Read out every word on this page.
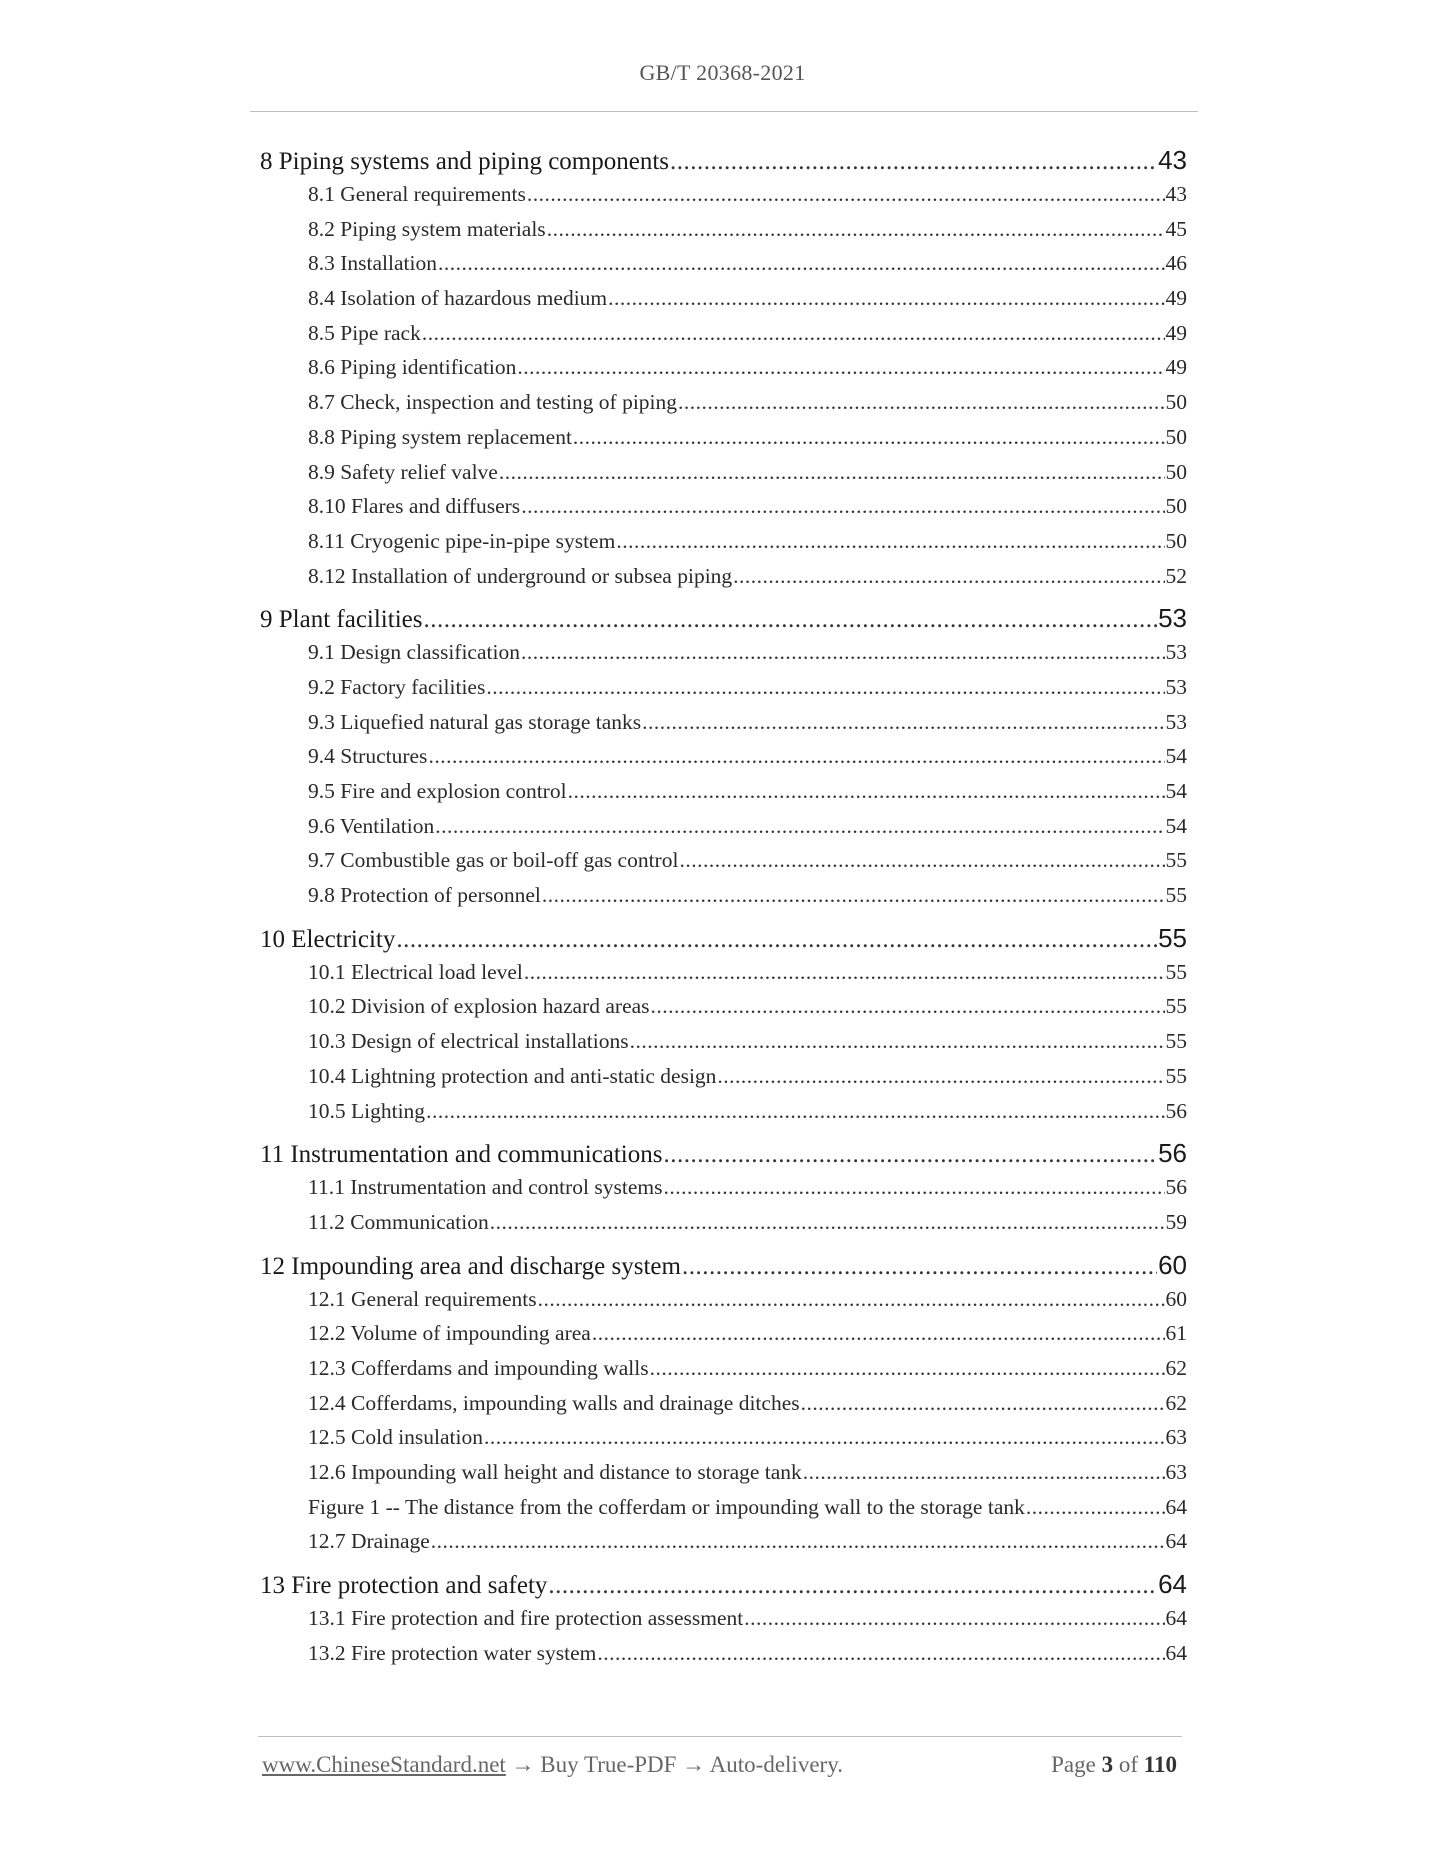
GB/T 20368-2021
8 Piping systems and piping components .....	43
8.1 General requirements .....	43
8.2 Piping system materials .....	45
8.3 Installation .....	46
8.4 Isolation of hazardous medium .....	49
8.5 Pipe rack .....	49
8.6 Piping identification .....	49
8.7 Check, inspection and testing of piping .....	50
8.8 Piping system replacement .....	50
8.9 Safety relief valve .....	50
8.10 Flares and diffusers .....	50
8.11 Cryogenic pipe-in-pipe system .....	50
8.12 Installation of underground or subsea piping .....	52
9 Plant facilities .....	53
9.1 Design classification .....	53
9.2 Factory facilities .....	53
9.3 Liquefied natural gas storage tanks .....	53
9.4 Structures .....	54
9.5 Fire and explosion control .....	54
9.6 Ventilation .....	54
9.7 Combustible gas or boil-off gas control .....	55
9.8 Protection of personnel .....	55
10 Electricity .....	55
10.1 Electrical load level .....	55
10.2 Division of explosion hazard areas .....	55
10.3 Design of electrical installations .....	55
10.4 Lightning protection and anti-static design .....	55
10.5 Lighting .....	56
11 Instrumentation and communications .....	56
11.1 Instrumentation and control systems .....	56
11.2 Communication .....	59
12 Impounding area and discharge system .....	60
12.1 General requirements .....	60
12.2 Volume of impounding area .....	61
12.3 Cofferdams and impounding walls .....	62
12.4 Cofferdams, impounding walls and drainage ditches .....	62
12.5 Cold insulation .....	63
12.6 Impounding wall height and distance to storage tank .....	63
Figure 1 -- The distance from the cofferdam or impounding wall to the storage tank .....	64
12.7 Drainage .....	64
13 Fire protection and safety .....	64
13.1 Fire protection and fire protection assessment .....	64
13.2 Fire protection water system .....	64
www.ChineseStandard.net → Buy True-PDF → Auto-delivery.	Page 3 of 110
